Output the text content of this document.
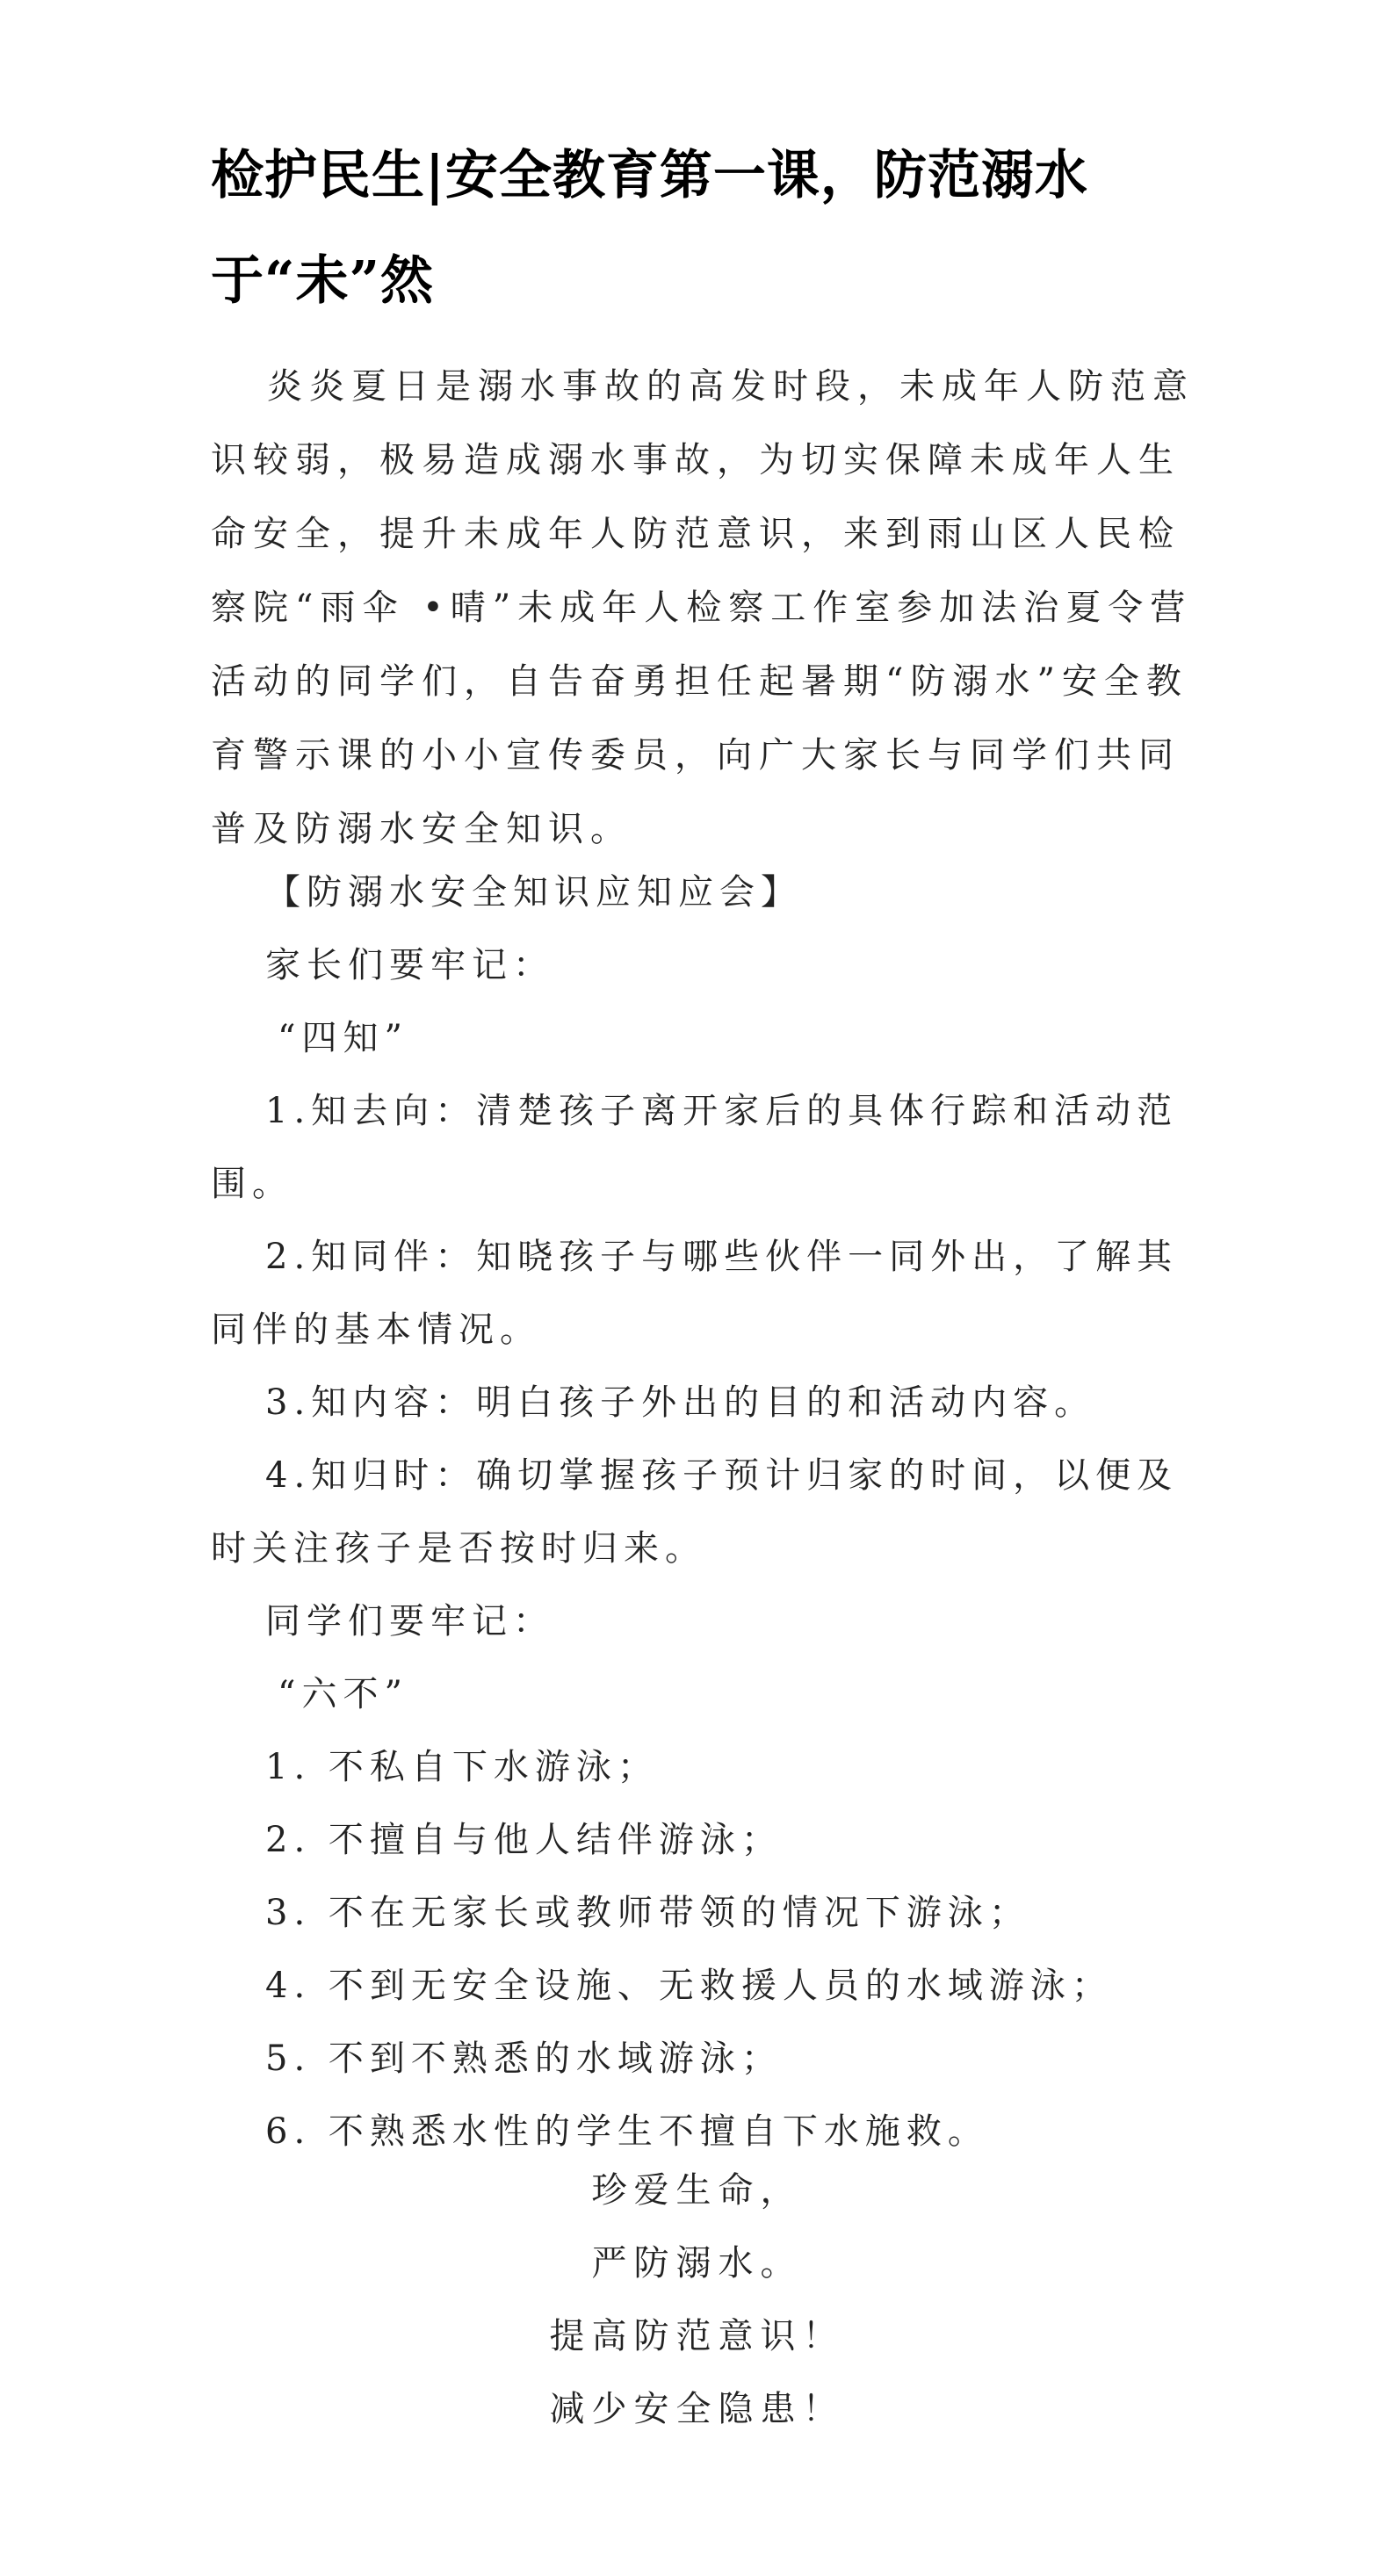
检护民生|安全教育第一课，防范溺水于“未”然

炎炎夏日是溺水事故的高发时段，未成年人防范意识较弱，极易造成溺水事故，为切实保障未成年人生命安全，提升未成年人防范意识，来到雨山区人民检察院“雨伞 •晴”未成年人检察工作室参加法治夏令营活动的同学们，自告奋勇担任起暑期“防溺水”安全教育警示课的小小宣传委员，向广大家长与同学们共同普及防溺水安全知识。

【防溺水安全知识应知应会】
家长们要牢记：
“四知”
1.知去向：清楚孩子离开家后的具体行踪和活动范围。
2.知同伴：知晓孩子与哪些伙伴一同外出，了解其同伴的基本情况。
3.知内容：明白孩子外出的目的和活动内容。
4.知归时：确切掌握孩子预计归家的时间，以便及时关注孩子是否按时归来。
同学们要牢记：
“六不”
1. 不私自下水游泳；
2. 不擅自与他人结伴游泳；
3. 不在无家长或教师带领的情况下游泳；
4. 不到无安全设施、无救援人员的水域游泳；
5. 不到不熟悉的水域游泳；
6. 不熟悉水性的学生不擅自下水施救。
珍爱生命，
严防溺水。
提高防范意识！
减少安全隐患！
